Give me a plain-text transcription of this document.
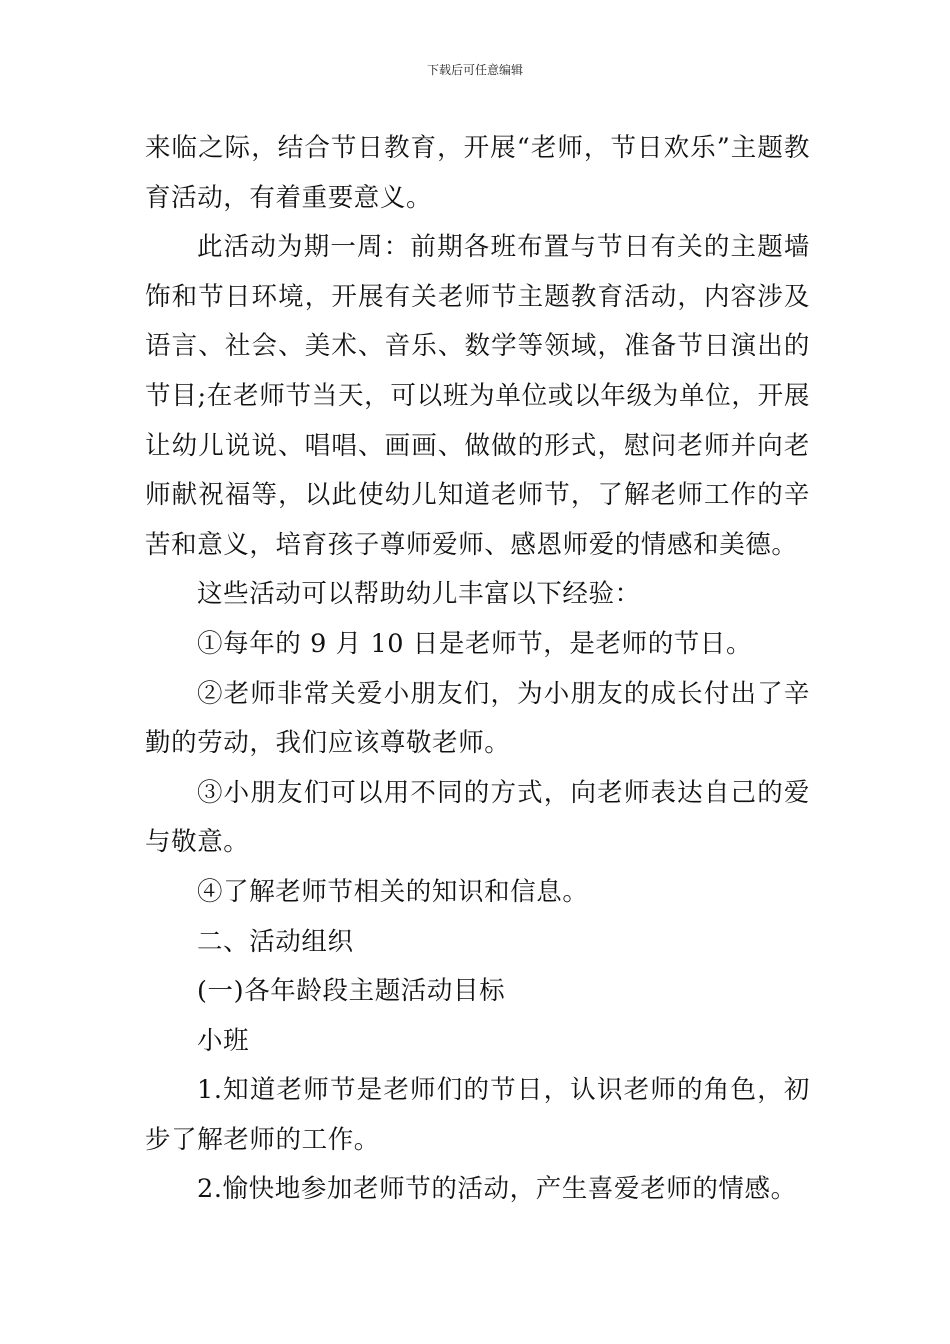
下载后可任意编辑

来临之际，结合节日教育，开展“老师，节日欢乐”主题教育活动，有着重要意义。

此活动为期一周：前期各班布置与节日有关的主题墙饰和节日环境，开展有关老师节主题教育活动，内容涉及语言、社会、美术、音乐、数学等领域，准备节日演出的节目;在老师节当天，可以班为单位或以年级为单位，开展让幼儿说说、唱唱、画画、做做的形式，慰问老师并向老师献祝福等，以此使幼儿知道老师节，了解老师工作的辛苦和意义，培育孩子尊师爱师、感恩师爱的情感和美德。

这些活动可以帮助幼儿丰富以下经验：

①每年的 9 月 10 日是老师节，是老师的节日。

②老师非常关爱小朋友们，为小朋友的成长付出了辛勤的劳动，我们应该尊敬老师。

③小朋友们可以用不同的方式，向老师表达自己的爱与敬意。

④了解老师节相关的知识和信息。

二、活动组织

(一)各年龄段主题活动目标

小班

1.知道老师节是老师们的节日，认识老师的角色，初步了解老师的工作。

2.愉快地参加老师节的活动，产生喜爱老师的情感。
